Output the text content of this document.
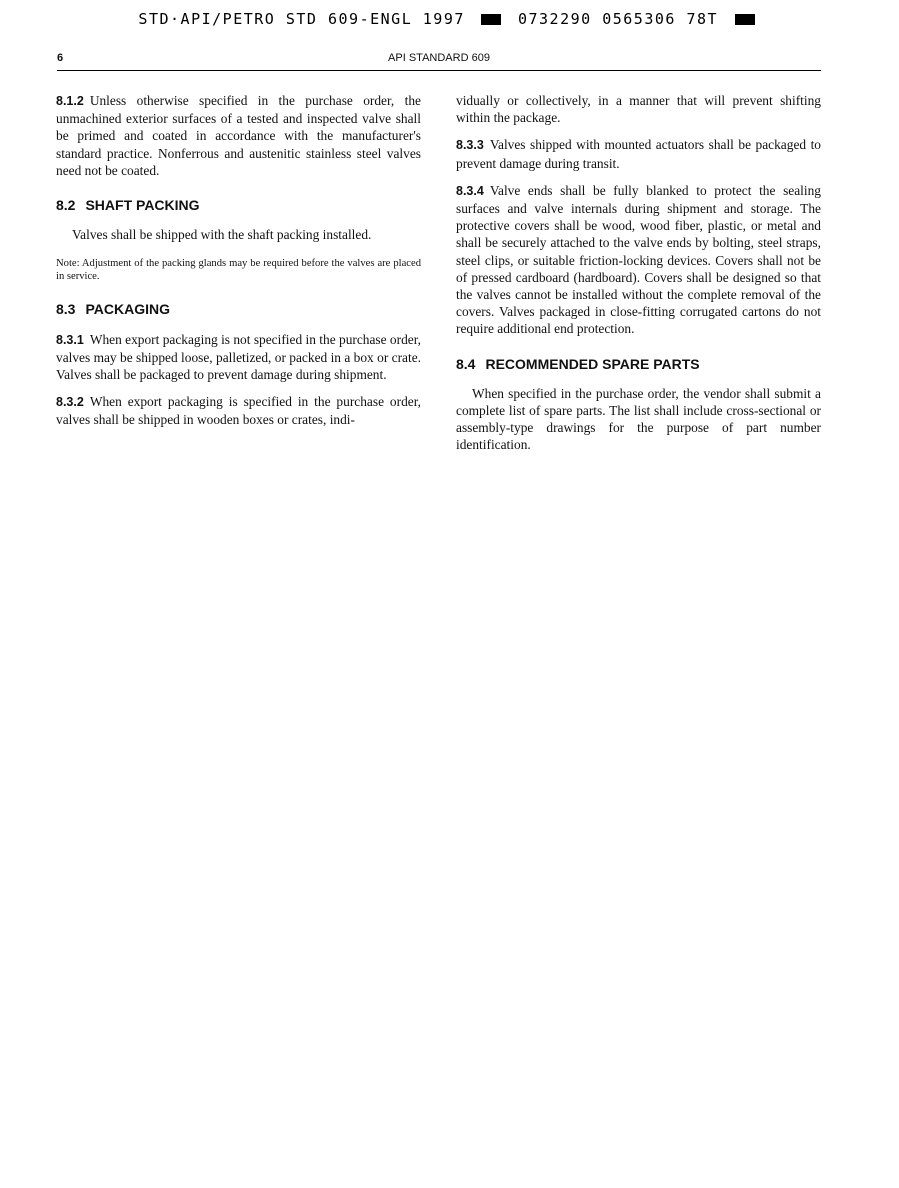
STD·API/PETRO STD 609-ENGL 1997	0732290 0565306 78T
6	API STANDARD 609

8.1.2 Unless otherwise specified in the purchase order, the unmachined exterior surfaces of a tested and inspected valve shall be primed and coated in accordance with the manufacturer's standard practice. Nonferrous and austenitic stainless steel valves need not be coated.

8.2 SHAFT PACKING

Valves shall be shipped with the shaft packing installed.

Note: Adjustment of the packing glands may be required before the valves are placed in service.

8.3 PACKAGING

8.3.1 When export packaging is not specified in the purchase order, valves may be shipped loose, palletized, or packed in a box or crate. Valves shall be packaged to prevent damage during shipment.

8.3.2 When export packaging is specified in the purchase order, valves shall be shipped in wooden boxes or crates, indi-

vidually or collectively, in a manner that will prevent shifting within the package.

8.3.3 Valves shipped with mounted actuators shall be packaged to prevent damage during transit.

8.3.4 Valve ends shall be fully blanked to protect the sealing surfaces and valve internals during shipment and storage. The protective covers shall be wood, wood fiber, plastic, or metal and shall be securely attached to the valve ends by bolting, steel straps, steel clips, or suitable friction-locking devices. Covers shall not be of pressed cardboard (hardboard). Covers shall be designed so that the valves cannot be installed without the complete removal of the covers. Valves packaged in close-fitting corrugated cartons do not require additional end protection.

8.4 RECOMMENDED SPARE PARTS

When specified in the purchase order, the vendor shall submit a complete list of spare parts. The list shall include cross-sectional or assembly-type drawings for the purpose of part number identification.
